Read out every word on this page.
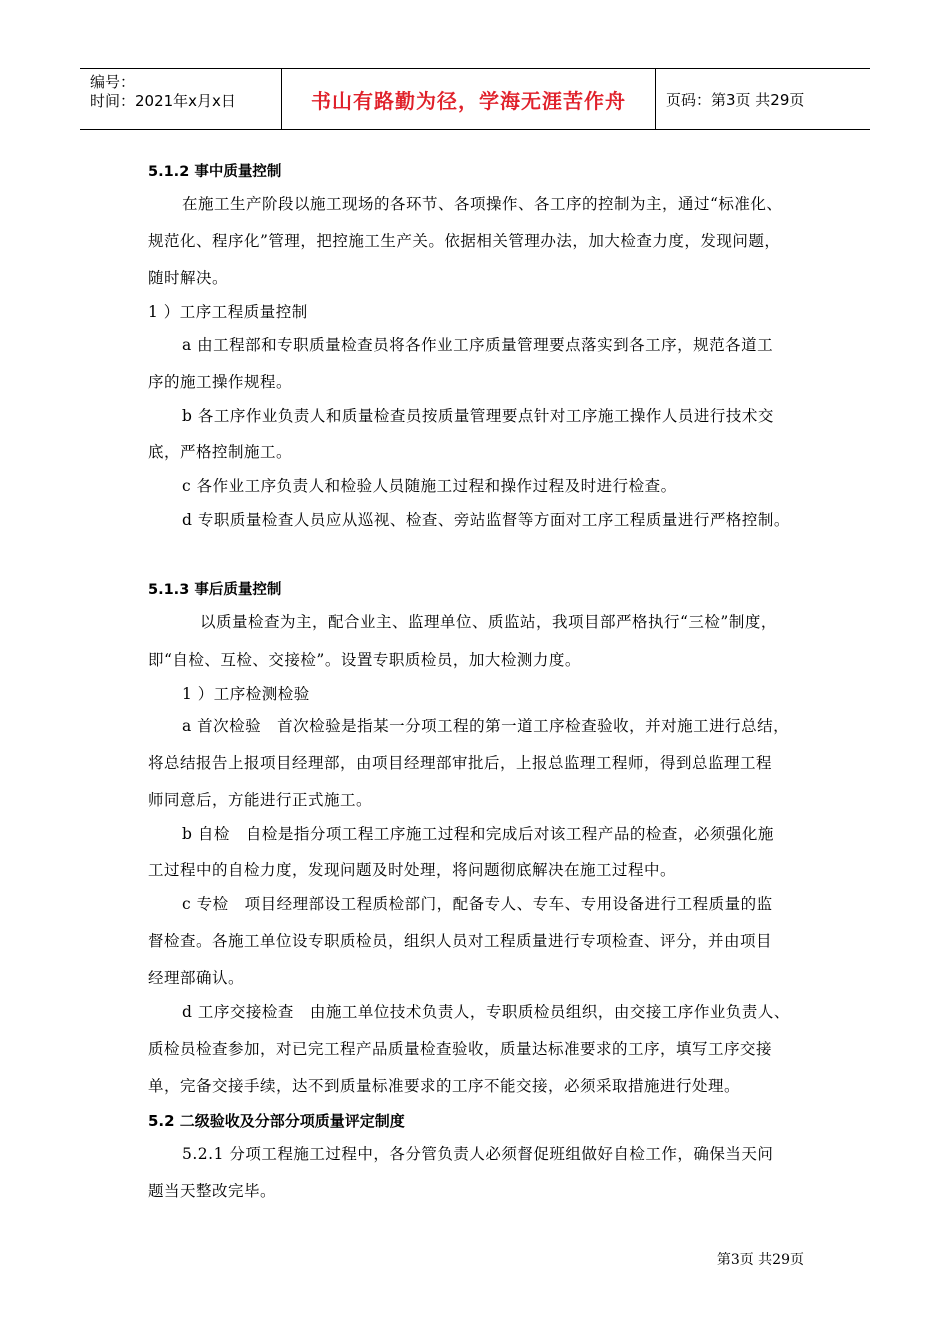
编号：
时间：2021年x月x日	书山有路勤为径，学海无涯苦作舟	页码：第3页 共29页
5.1.2 事中质量控制
在施工生产阶段以施工现场的各环节、各项操作、各工序的控制为主，通过“标准化、
规范化、程序化”管理，把控施工生产关。依据相关管理办法，加大检查力度，发现问题，
随时解决。
1 ）工序工程质量控制
a 由工程部和专职质量检查员将各作业工序质量管理要点落实到各工序，规范各道工
序的施工操作规程。
b 各工序作业负责人和质量检查员按质量管理要点针对工序施工操作人员进行技术交
底，严格控制施工。
c 各作业工序负责人和检验人员随施工过程和操作过程及时进行检查。
d 专职质量检查人员应从巡视、检查、旁站监督等方面对工序工程质量进行严格控制。
5.1.3 事后质量控制
以质量检查为主，配合业主、监理单位、质监站，我项目部严格执行“三检”制度，
即“自检、互检、交接检”。设置专职质检员，加大检测力度。
1 ）工序检测检验
a 首次检验　首次检验是指某一分项工程的第一道工序检查验收，并对施工进行总结，
将总结报告上报项目经理部，由项目经理部审批后，上报总监理工程师，得到总监理工程
师同意后，方能进行正式施工。
b 自检　自检是指分项工程工序施工过程和完成后对该工程产品的检查，必须强化施
工过程中的自检力度，发现问题及时处理，将问题彻底解决在施工过程中。
c 专检　项目经理部设工程质检部门，配备专人、专车、专用设备进行工程质量的监
督检查。各施工单位设专职质检员，组织人员对工程质量进行专项检查、评分，并由项目
经理部确认。
d 工序交接检查　由施工单位技术负责人，专职质检员组织，由交接工序作业负责人、
质检员检查参加，对已完工程产品质量检查验收，质量达标准要求的工序，填写工序交接
单，完备交接手续，达不到质量标准要求的工序不能交接，必须采取措施进行处理。
5.2 二级验收及分部分项质量评定制度
5.2.1 分项工程施工过程中，各分管负责人必须督促班组做好自检工作，确保当天问
题当天整改完毕。
第3页 共29页
